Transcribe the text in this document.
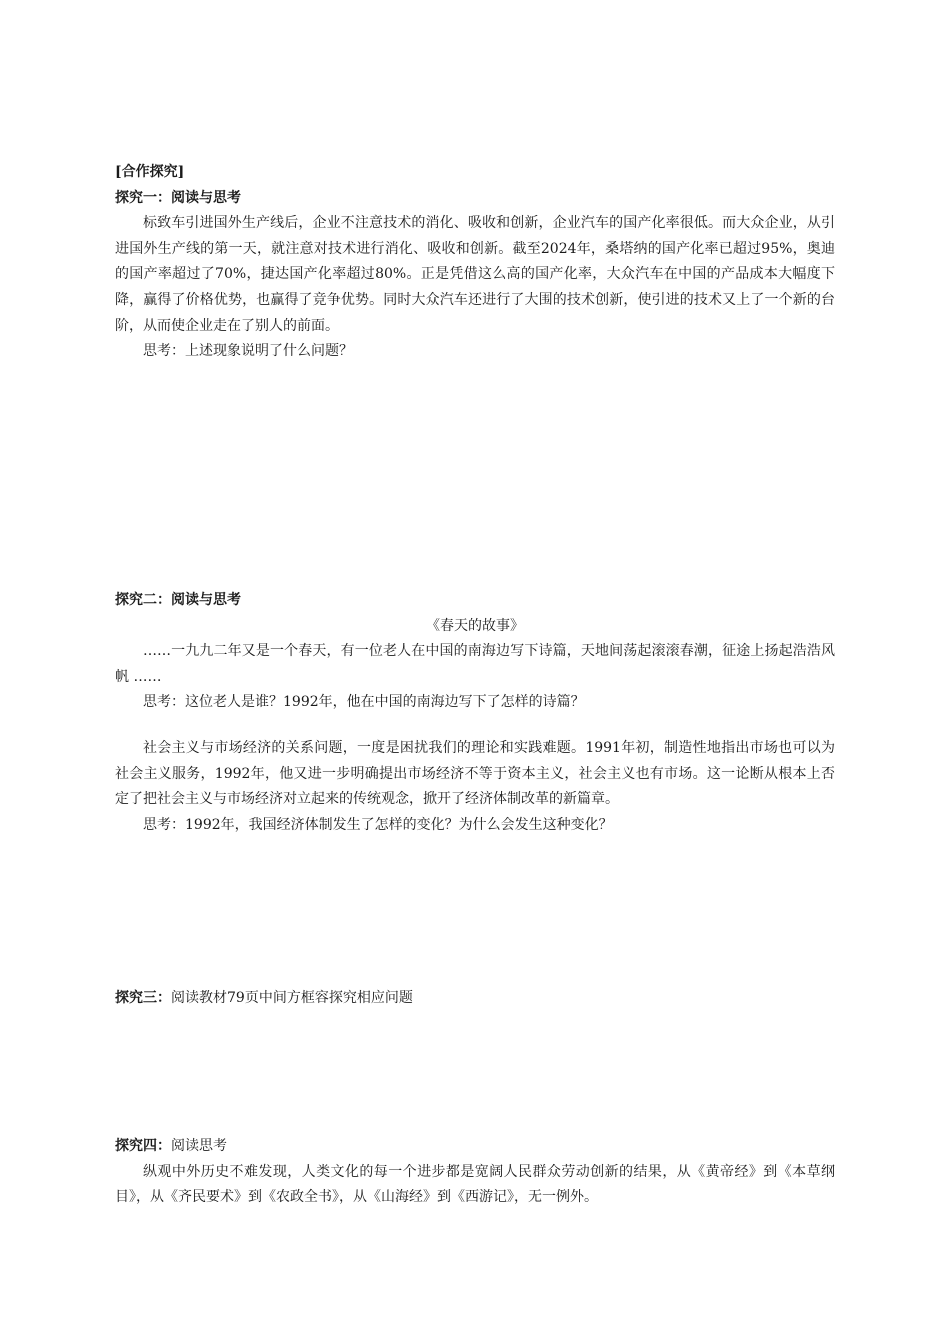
[合作探究]
探究一：阅读与思考

标致车引进国外生产线后，企业不注意技术的消化、吸收和创新，企业汽车的国产化率很低。而大众企业，从引进国外生产线的第一天，就注意对技术进行消化、吸收和创新。截至2024年，桑塔纳的国产化率已超过95%，奥迪的国产率超过了70%，捷达国产化率超过80%。正是凭借这么高的国产化率，大众汽车在中国的产品成本大幅度下降，赢得了价格优势，也赢得了竞争优势。同时大众汽车还进行了大围的技术创新，使引进的技术又上了一个新的台阶，从而使企业走在了别人的前面。

思考：上述现象说明了什么问题？

探究二：阅读与思考
《春天的故事》

……一九九二年又是一个春天，有一位老人在中国的南海边写下诗篇，天地间荡起滚滚春潮，征途上扬起浩浩风帆 ……

思考：这位老人是谁？1992年，他在中国的南海边写下了怎样的诗篇？

社会主义与市场经济的关系问题，一度是困扰我们的理论和实践难题。1991年初，制造性地指出市场也可以为社会主义服务，1992年，他又进一步明确提出市场经济不等于资本主义，社会主义也有市场。这一论断从根本上否定了把社会主义与市场经济对立起来的传统观念，掀开了经济体制改革的新篇章。

思考：1992年，我国经济体制发生了怎样的变化？为什么会发生这种变化？

探究三：阅读教材79页中间方框容探究相应问题
探究四：阅读思考

纵观中外历史不难发现，人类文化的每一个进步都是宽阔人民群众劳动创新的结果，从《黄帝经》到《本草纲目》，从《齐民要术》到《农政全书》，从《山海经》到《西游记》，无一例外。
